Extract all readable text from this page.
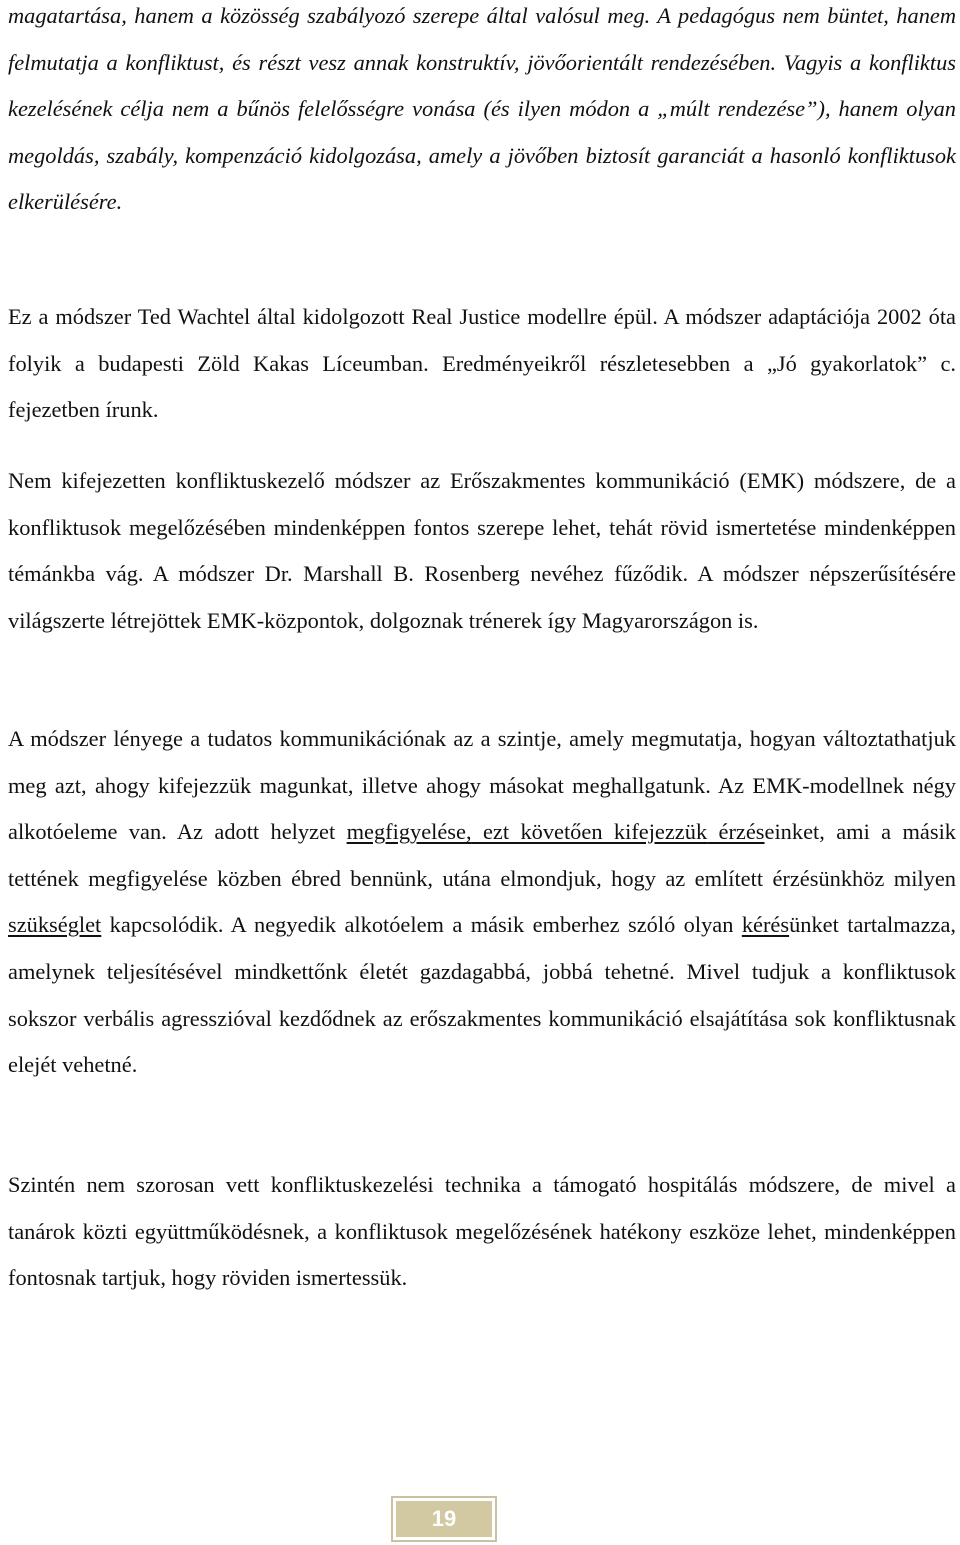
magatartása, hanem a közösség szabályozó szerepe által valósul meg. A pedagógus nem büntet, hanem felmutatja a konfliktust, és részt vesz annak konstruktív, jövőorientált rendezésében. Vagyis a konfliktus kezelésének célja nem a bűnös felelősségre vonása (és ilyen módon a „múlt rendezése”), hanem olyan megoldás, szabály, kompenzáció kidolgozása, amely a jövőben biztosít garanciát a hasonló konfliktusok elkerülésére.

Ez a módszer Ted Wachtel által kidolgozott Real Justice modellre épül. A módszer adaptációja 2002 óta folyik a budapesti Zöld Kakas Líceumban. Eredményeikről részletesebben a „Jó gyakorlatok” c. fejezetben írunk.

Nem kifejezetten konfliktuskezelő módszer az Erőszakmentes kommunikáció (EMK) módszere, de a konfliktusok megelőzésében mindenképpen fontos szerepe lehet, tehát rövid ismertetése mindenképpen témánkba vág. A módszer Dr. Marshall B. Rosenberg nevéhez fűződik. A módszer népszerűsítésére világszerte létrejöttek EMK-központok, dolgoznak trénerek így Magyarországon is.

A módszer lényege a tudatos kommunikációnak az a szintje, amely megmutatja, hogyan változtathatjuk meg azt, ahogy kifejezzük magunkat, illetve ahogy másokat meghallgatunk. Az EMK-modellnek négy alkotóeleme van. Az adott helyzet megfigyelése, ezt követően kifejezzük érzéseinket, ami a másik tettének megfigyelése közben ébred bennünk, utána elmondjuk, hogy az említett érzésünkhöz milyen szükséglet kapcsolódik. A negyedik alkotóelem a másik emberhez szóló olyan kérésünket tartalmazza, amelynek teljesítésével mindkettőnk életét gazdagabbá, jobbá tehetné. Mivel tudjuk a konfliktusok sokszor verbális agresszióval kezdődnek az erőszakmentes kommunikáció elsajátítása sok konfliktusnak elejét vehetné.

Szintén nem szorosan vett konfliktuskezelési technika a támogató hospitálás módszere, de mivel a tanárok közti együttműködésnek, a konfliktusok megelőzésének hatékony eszköze lehet, mindenképpen fontosnak tartjuk, hogy röviden ismertessük.

19
